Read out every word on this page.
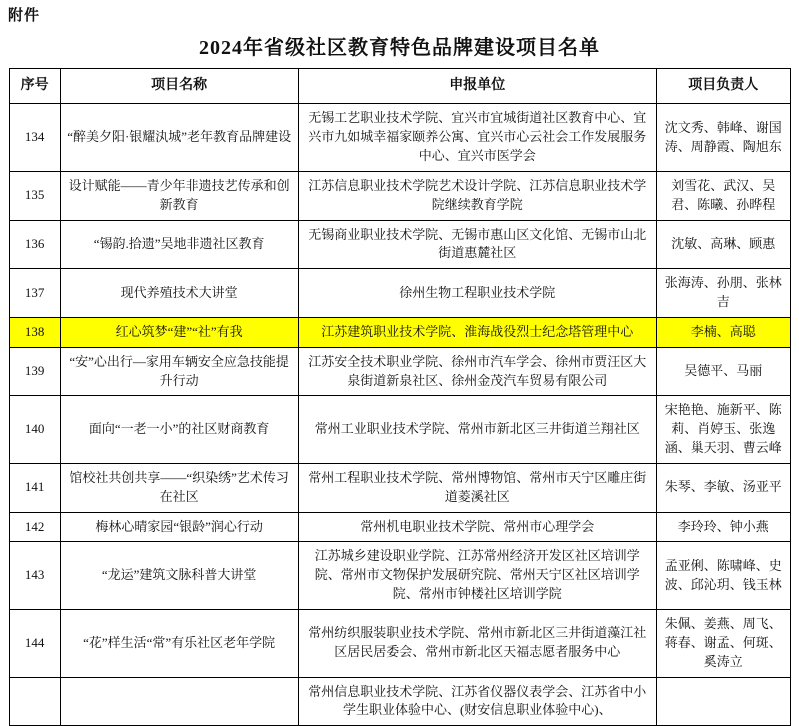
附件
2024年省级社区教育特色品牌建设项目名单
序号	项目名称	申报单位	项目负责人
134	“醉美夕阳·银耀汍城”老年教育品牌建设	无锡工艺职业技术学院、宜兴市宜城街道社区教育中心、宜兴市九如城幸福家颐养公寓、宜兴市心云社会工作发展服务中心、宜兴市医学会	沈文秀、韩峰、谢国涛、周静霞、陶旭东
135	设计赋能——青少年非遗技艺传承和创新教育	江苏信息职业技术学院艺术设计学院、江苏信息职业技术学院继续教育学院	刘雪花、武汉、吴君、陈曦、孙晔程
136	“锡韵.拾遗”吴地非遗社区教育	无锡商业职业技术学院、无锡市惠山区文化馆、无锡市山北街道惠麓社区	沈敏、高琳、顾惠
137	现代养殖技术大讲堂	徐州生物工程职业技术学院	张海涛、孙朋、张林吉
138	红心筑梦“建”“社”有我	江苏建筑职业技术学院、淮海战役烈士纪念塔管理中心	李楠、高聪
139	“安”心出行—家用车辆安全应急技能提升行动	江苏安全技术职业学院、徐州市汽车学会、徐州市贾汪区大泉街道新泉社区、徐州金茂汽车贸易有限公司	吴德平、马丽
140	面向“一老一小”的社区财商教育	常州工业职业技术学院、常州市新北区三井街道兰翔社区	宋艳艳、施新平、陈莉、肖婷玉、张逸涵、巢天羽、曹云峰
141	馆校社共创共享——“织染绣”艺术传习在社区	常州工程职业技术学院、常州博物馆、常州市天宁区雕庄街道菱溪社区	朱琴、李敏、汤亚平
142	梅林心晴家园“银龄”润心行动	常州机电职业技术学院、常州市心理学会	李玲玲、钟小燕
143	“龙运”建筑文脉科普大讲堂	江苏城乡建设职业学院、江苏常州经济开发区社区培训学院、常州市文物保护发展研究院、常州天宁区社区培训学院、常州市钟楼社区培训学院	孟亚俐、陈啸峰、史波、邱沁玥、钱玉林
144	“花”样生活“常”有乐社区老年学院	常州纺织服装职业技术学院、常州市新北区三井街道藻江社区居民居委会、常州市新北区天福志愿者服务中心	朱佩、姜燕、周飞、蒋春、谢孟、何斑、奚涛立
		常州信息职业技术学院、江苏省仪器仪表学会、江苏省中小学生职业体验中心、(财安信息职业体验中心)、	
